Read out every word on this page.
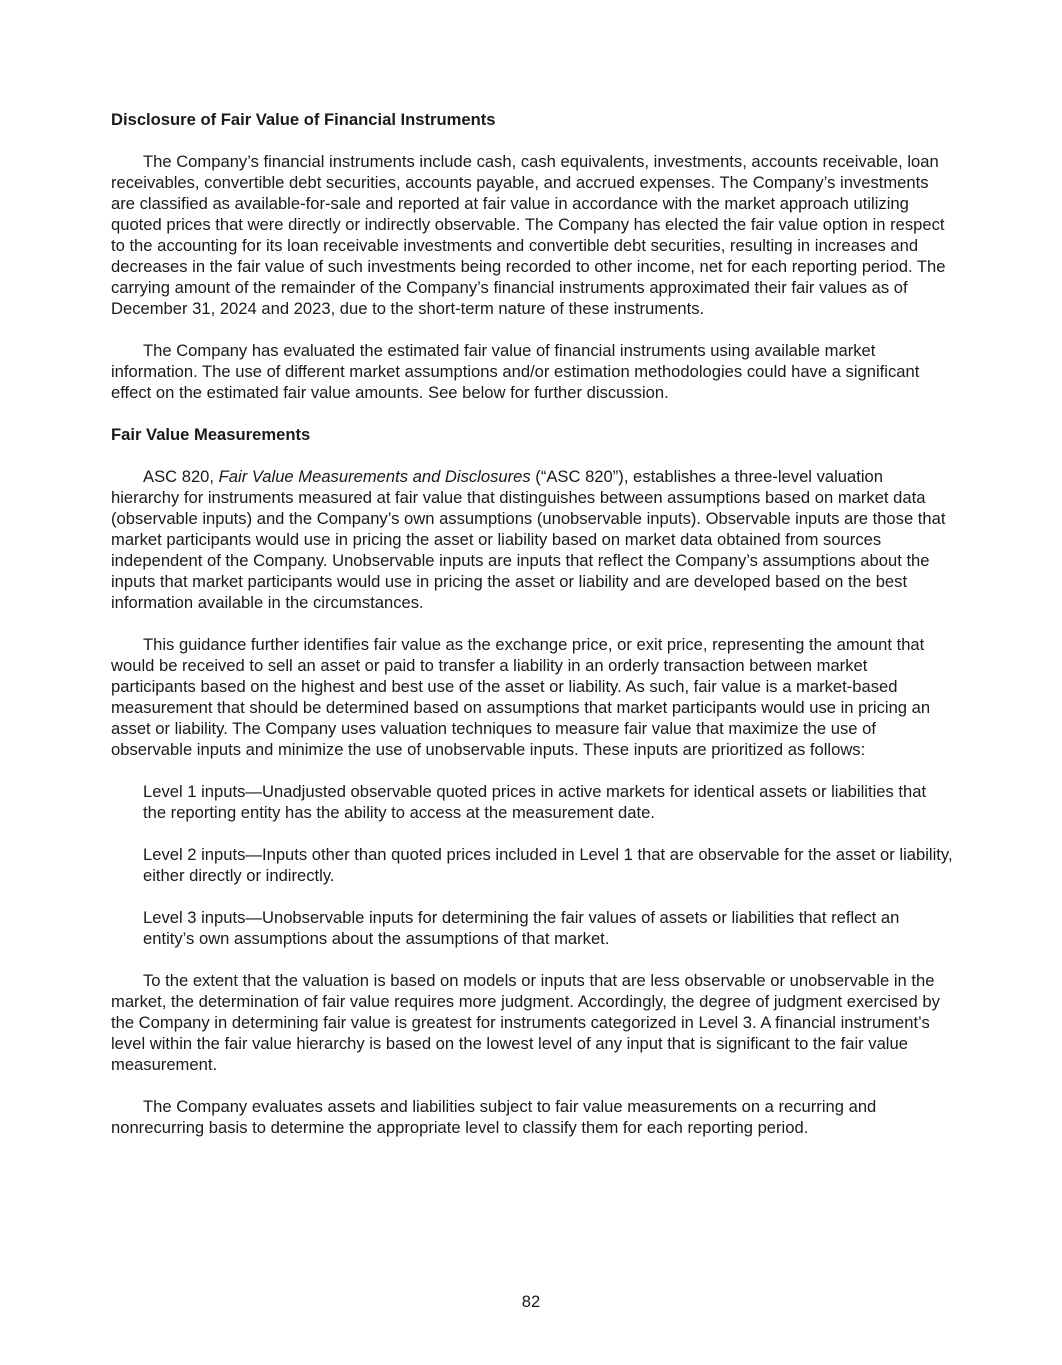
Disclosure of Fair Value of Financial Instruments

The Company’s financial instruments include cash, cash equivalents, investments, accounts receivable, loan receivables, convertible debt securities, accounts payable, and accrued expenses. The Company’s investments are classified as available-for-sale and reported at fair value in accordance with the market approach utilizing quoted prices that were directly or indirectly observable. The Company has elected the fair value option in respect to the accounting for its loan receivable investments and convertible debt securities, resulting in increases and decreases in the fair value of such investments being recorded to other income, net for each reporting period. The carrying amount of the remainder of the Company’s financial instruments approximated their fair values as of December 31, 2024 and 2023, due to the short-term nature of these instruments.

The Company has evaluated the estimated fair value of financial instruments using available market information. The use of different market assumptions and/or estimation methodologies could have a significant effect on the estimated fair value amounts. See below for further discussion.

Fair Value Measurements

ASC 820, Fair Value Measurements and Disclosures (“ASC 820”), establishes a three-level valuation hierarchy for instruments measured at fair value that distinguishes between assumptions based on market data (observable inputs) and the Company’s own assumptions (unobservable inputs). Observable inputs are those that market participants would use in pricing the asset or liability based on market data obtained from sources independent of the Company. Unobservable inputs are inputs that reflect the Company’s assumptions about the inputs that market participants would use in pricing the asset or liability and are developed based on the best information available in the circumstances.

This guidance further identifies fair value as the exchange price, or exit price, representing the amount that would be received to sell an asset or paid to transfer a liability in an orderly transaction between market participants based on the highest and best use of the asset or liability. As such, fair value is a market-based measurement that should be determined based on assumptions that market participants would use in pricing an asset or liability. The Company uses valuation techniques to measure fair value that maximize the use of observable inputs and minimize the use of unobservable inputs. These inputs are prioritized as follows:

Level 1 inputs—Unadjusted observable quoted prices in active markets for identical assets or liabilities that the reporting entity has the ability to access at the measurement date.

Level 2 inputs—Inputs other than quoted prices included in Level 1 that are observable for the asset or liability, either directly or indirectly.

Level 3 inputs—Unobservable inputs for determining the fair values of assets or liabilities that reflect an entity’s own assumptions about the assumptions of that market.

To the extent that the valuation is based on models or inputs that are less observable or unobservable in the market, the determination of fair value requires more judgment. Accordingly, the degree of judgment exercised by the Company in determining fair value is greatest for instruments categorized in Level 3. A financial instrument’s level within the fair value hierarchy is based on the lowest level of any input that is significant to the fair value measurement.

The Company evaluates assets and liabilities subject to fair value measurements on a recurring and nonrecurring basis to determine the appropriate level to classify them for each reporting period.

82
